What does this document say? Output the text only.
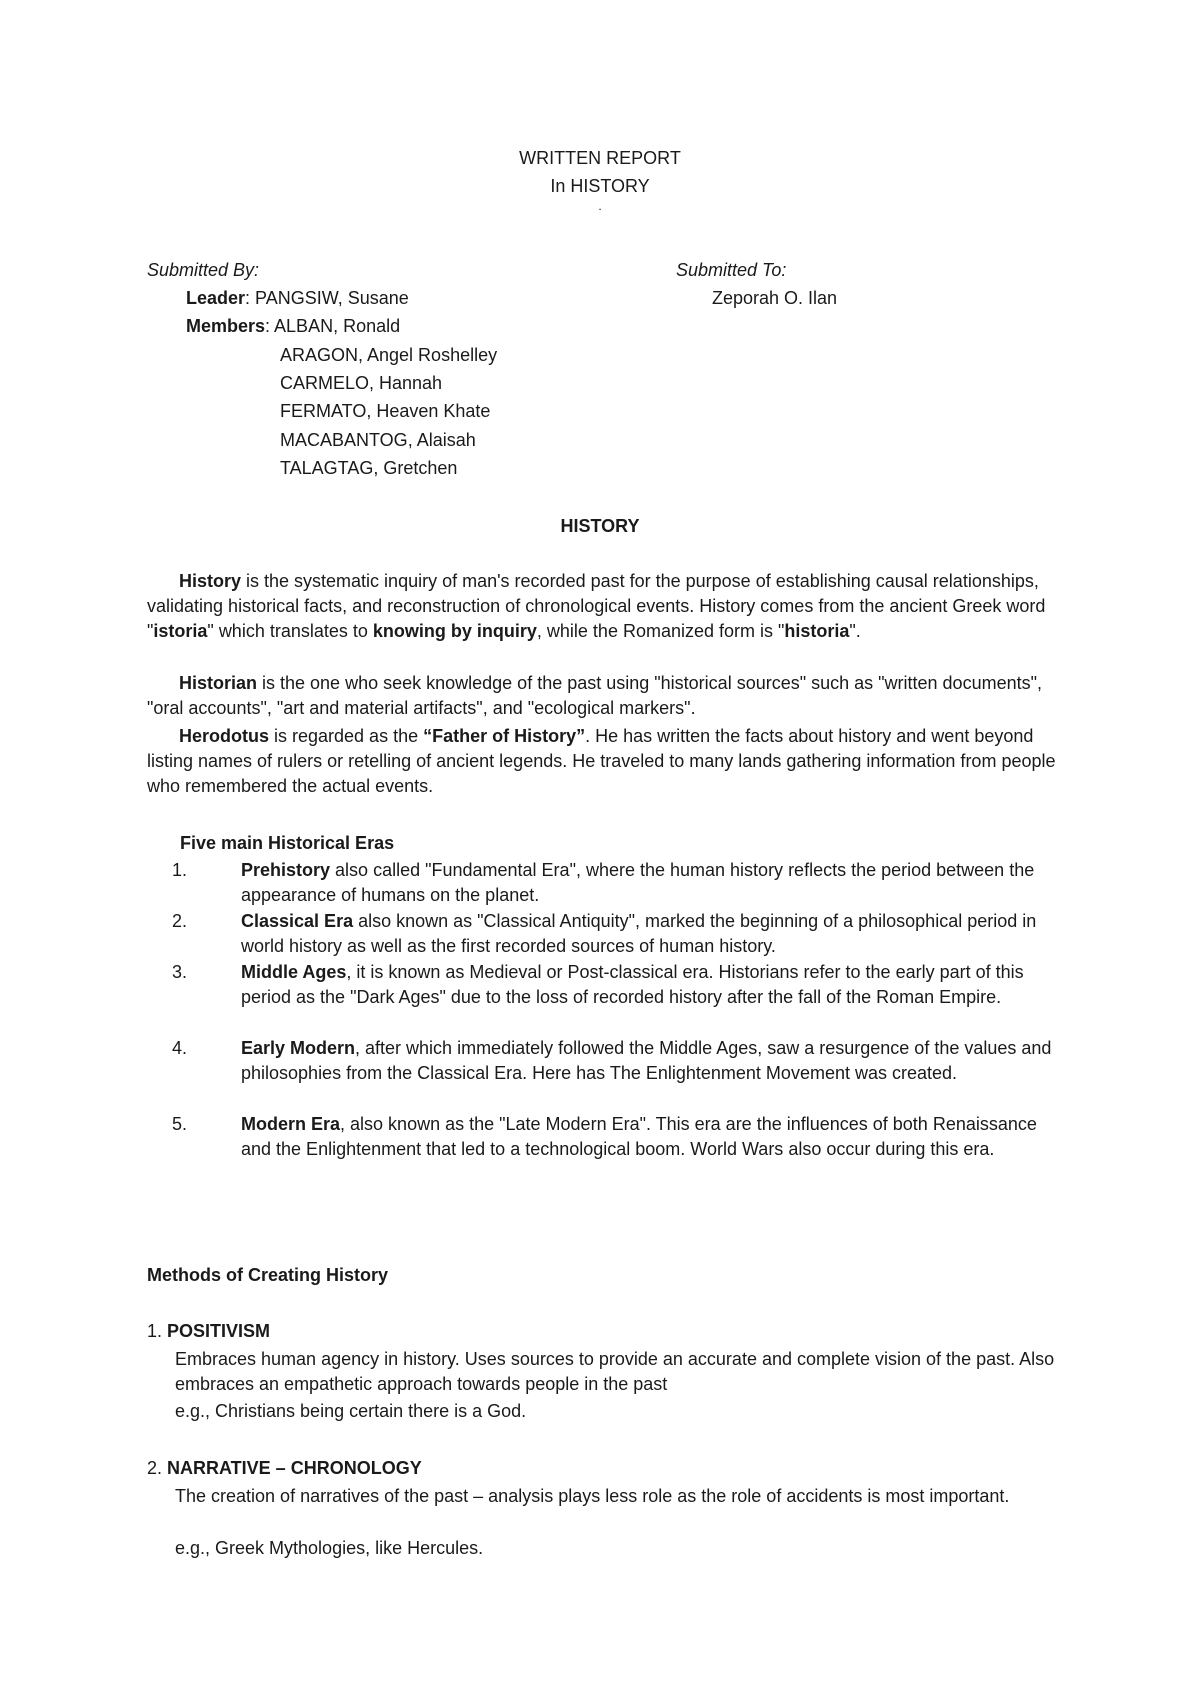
WRITTEN REPORT
In HISTORY
.
Submitted By:	Submitted To:
Zeporah O. Ilan
Leader: PANGSIW, Susane
Members: ALBAN, Ronald
ARAGON, Angel Roshelley
CARMELO, Hannah
FERMATO, Heaven Khate
MACABANTOG, Alaisah
TALAGTAG, Gretchen
HISTORY
History is the systematic inquiry of man's recorded past for the purpose of establishing causal relationships, validating historical facts, and reconstruction of chronological events. History comes from the ancient Greek word "istoria" which translates to knowing by inquiry, while the Romanized form is "historia".
Historian is the one who seek knowledge of the past using "historical sources" such as "written documents", "oral accounts", "art and material artifacts", and "ecological markers".
Herodotus is regarded as the “Father of History”. He has written the facts about history and went beyond listing names of rulers or retelling of ancient legends. He traveled to many lands gathering information from people who remembered the actual events.
Five main Historical Eras
1.	Prehistory also called "Fundamental Era", where the human history reflects the period between the appearance of humans on the planet.
2.	Classical Era also known as "Classical Antiquity", marked the beginning of a philosophical period in world history as well as the first recorded sources of human history.
3.	Middle Ages, it is known as Medieval or Post-classical era. Historians refer to the early part of this period as the "Dark Ages" due to the loss of recorded history after the fall of the Roman Empire.
4.	Early Modern, after which immediately followed the Middle Ages, saw a resurgence of the values and philosophies from the Classical Era. Here has The Enlightenment Movement was created.
5.	Modern Era, also known as the "Late Modern Era". This era are the influences of both Renaissance and the Enlightenment that led to a technological boom. World Wars also occur during this era.
Methods of Creating History
1. POSITIVISM
Embraces human agency in history. Uses sources to provide an accurate and complete vision of the past. Also embraces an empathetic approach towards people in the past
e.g., Christians being certain there is a God.
2. NARRATIVE – CHRONOLOGY
The creation of narratives of the past – analysis plays less role as the role of accidents is most important.
e.g., Greek Mythologies, like Hercules.
